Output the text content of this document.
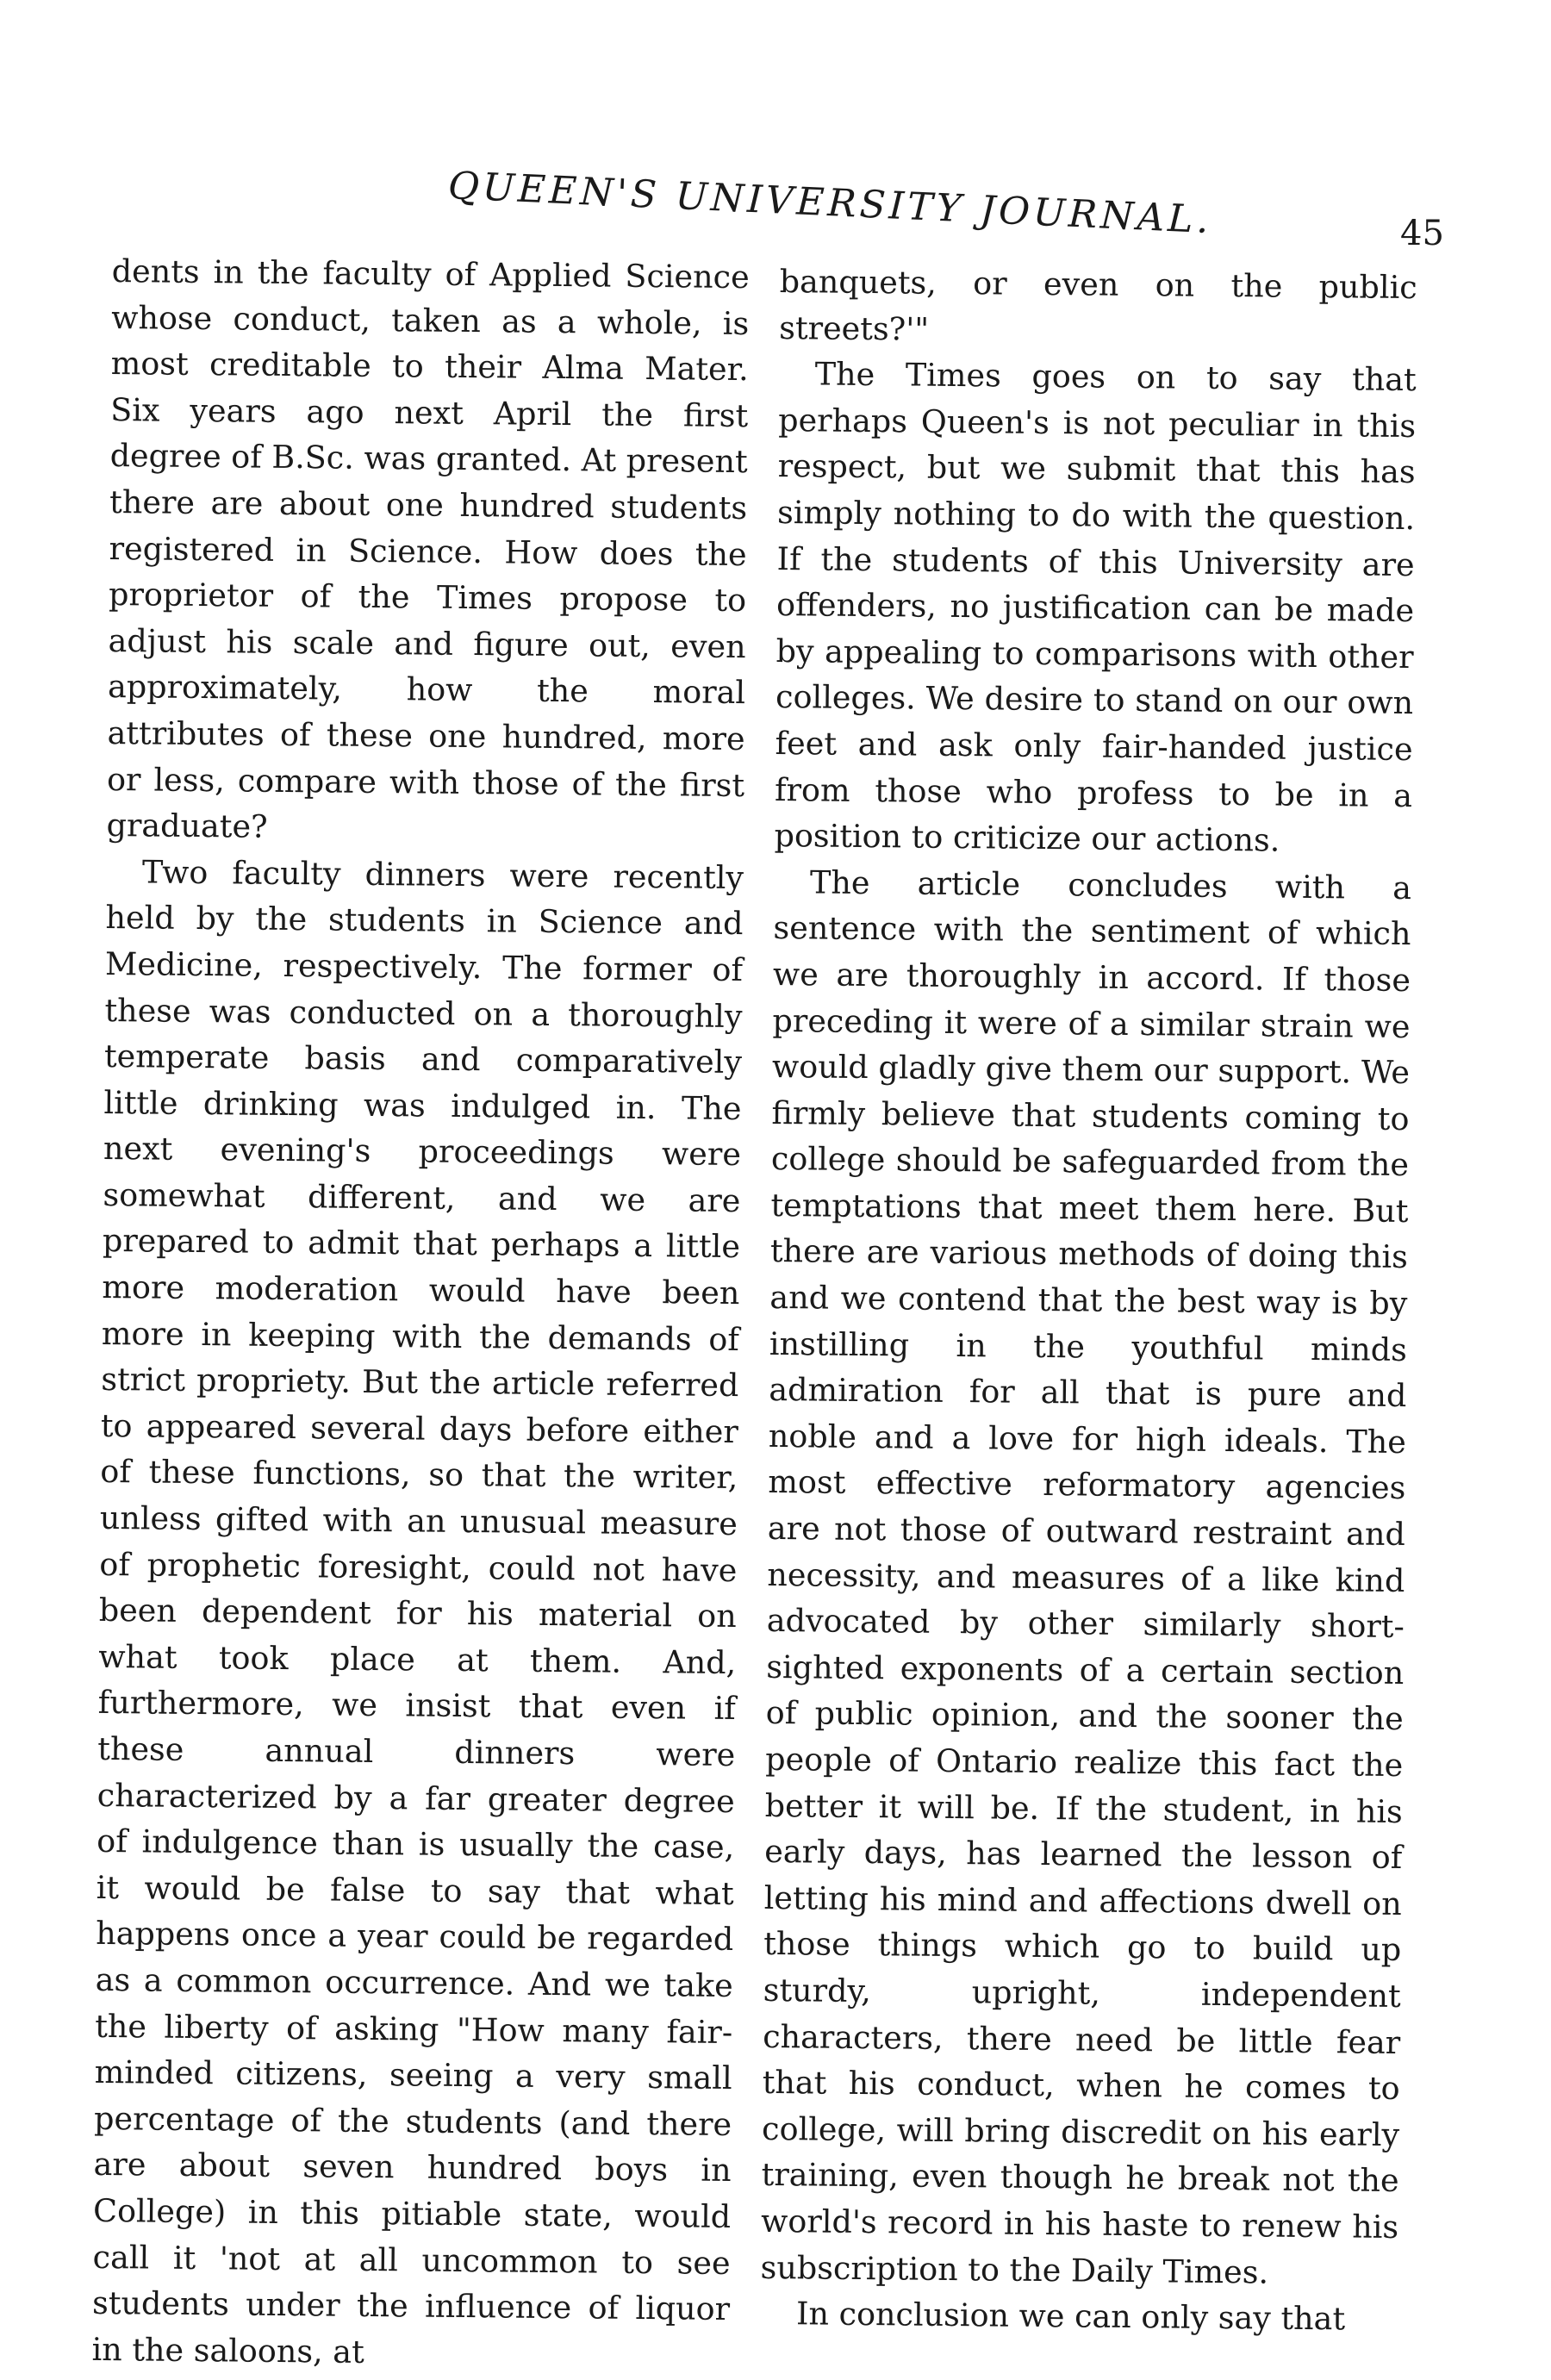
QUEEN'S UNIVERSITY JOURNAL.	45

dents in the faculty of Applied Science whose conduct, taken as a whole, is most creditable to their Alma Mater. Six years ago next April the first degree of B.Sc. was granted. At present there are about one hundred students registered in Science. How does the proprietor of the Times propose to adjust his scale and figure out, even approximately, how the moral attributes of these one hundred, more or less, compare with those of the first graduate?

Two faculty dinners were recently held by the students in Science and Medicine, respectively. The former of these was conducted on a thoroughly temperate basis and comparatively little drinking was indulged in. The next evening's proceedings were somewhat different, and we are prepared to admit that perhaps a little more moderation would have been more in keeping with the demands of strict propriety. But the article referred to appeared several days before either of these functions, so that the writer, unless gifted with an unusual measure of prophetic foresight, could not have been dependent for his material on what took place at them. And, furthermore, we insist that even if these annual dinners were characterized by a far greater degree of indulgence than is usually the case, it would be false to say that what happens once a year could be regarded as a common occurrence. And we take the liberty of asking "How many fair-minded citizens, seeing a very small percentage of the students (and there are about seven hundred boys in College) in this pitiable state, would call it 'not at all uncommon to see students under the influence of liquor in the saloons, at

banquets, or even on the public streets?'"

The Times goes on to say that perhaps Queen's is not peculiar in this respect, but we submit that this has simply nothing to do with the question. If the students of this University are offenders, no justification can be made by appealing to comparisons with other colleges. We desire to stand on our own feet and ask only fair-handed justice from those who profess to be in a position to criticize our actions.

The article concludes with a sentence with the sentiment of which we are thoroughly in accord. If those preceding it were of a similar strain we would gladly give them our support. We firmly believe that students coming to college should be safeguarded from the temptations that meet them here. But there are various methods of doing this and we contend that the best way is by instilling in the youthful minds admiration for all that is pure and noble and a love for high ideals. The most effective reformatory agencies are not those of outward restraint and necessity, and measures of a like kind advocated by other similarly short-sighted exponents of a certain section of public opinion, and the sooner the people of Ontario realize this fact the better it will be. If the student, in his early days, has learned the lesson of letting his mind and affections dwell on those things which go to build up sturdy, upright, independent characters, there need be little fear that his conduct, when he comes to college, will bring discredit on his early training, even though he break not the world's record in his haste to renew his subscription to the Daily Times.

In conclusion we can only say that
